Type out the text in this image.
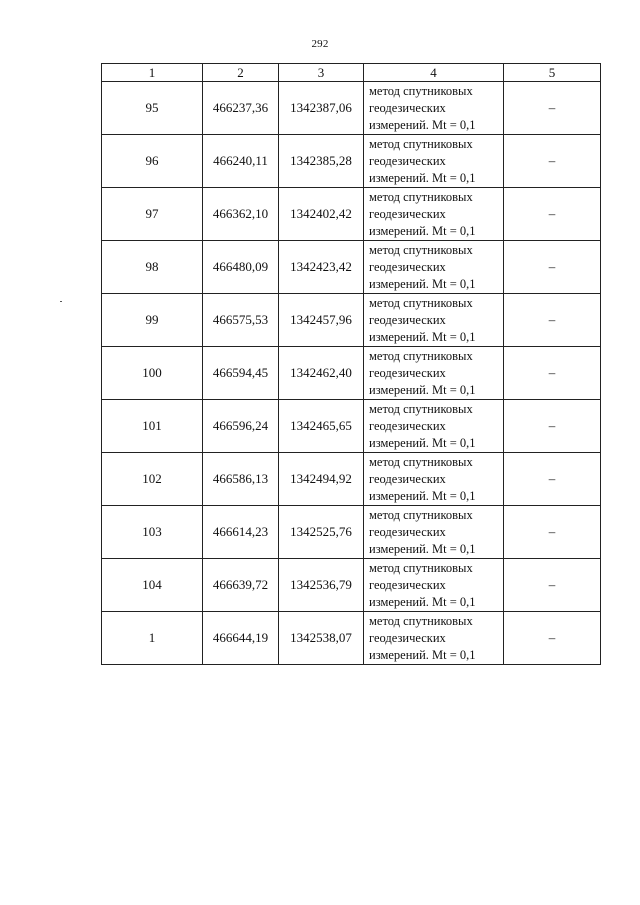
292
1	2	3	4	5
95	466237,36	1342387,06	метод спутниковых
геодезических
измерений. Mt = 0,1	–
96	466240,11	1342385,28	метод спутниковых
геодезических
измерений. Mt = 0,1	–
97	466362,10	1342402,42	метод спутниковых
геодезических
измерений. Mt = 0,1	–
98	466480,09	1342423,42	метод спутниковых
геодезических
измерений. Mt = 0,1	–
99	466575,53	1342457,96	метод спутниковых
геодезических
измерений. Mt = 0,1	–
100	466594,45	1342462,40	метод спутниковых
геодезических
измерений. Mt = 0,1	–
101	466596,24	1342465,65	метод спутниковых
геодезических
измерений. Mt = 0,1	–
102	466586,13	1342494,92	метод спутниковых
геодезических
измерений. Mt = 0,1	–
103	466614,23	1342525,76	метод спутниковых
геодезических
измерений. Mt = 0,1	–
104	466639,72	1342536,79	метод спутниковых
геодезических
измерений. Mt = 0,1	–
1	466644,19	1342538,07	метод спутниковых
геодезических
измерений. Mt = 0,1	–
